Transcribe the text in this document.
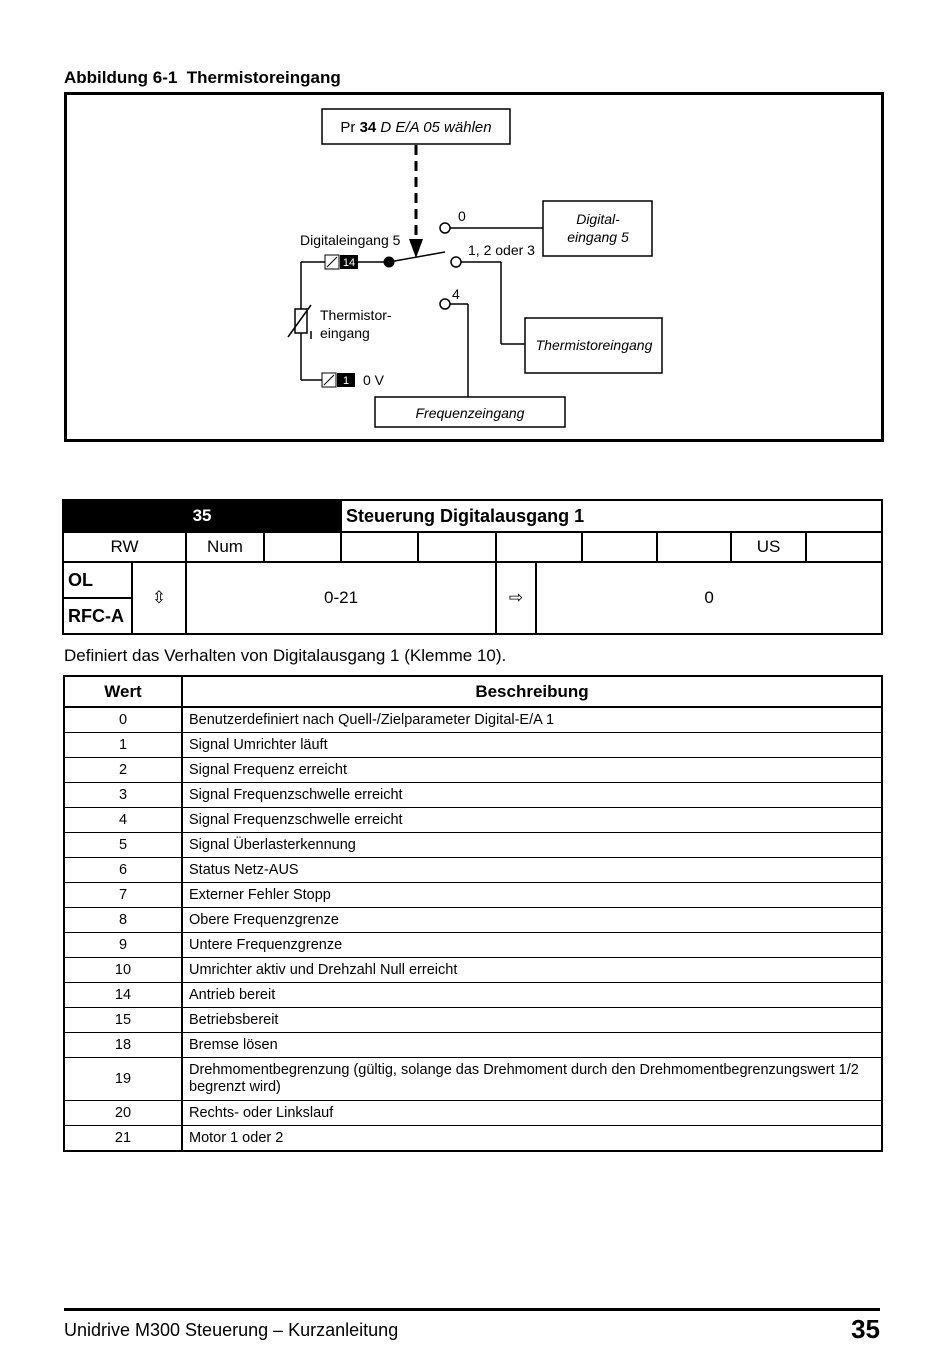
Abbildung 6-1  Thermistoreingang
Pr 34 D E/A 05 wählen
Digitaleingang 5
14
0
1, 2 oder 3
4
Digital-
eingang 5
Thermistoreingang
Frequenzeingang
Thermistor-
eingang
1 0 V
35				Steuerung Digitalausgang 1							
RW		Num								US	
OL	⇳	0-21				⇨	0				
RFC-A											
Definiert das Verhalten von Digitalausgang 1 (Klemme 10).
Wert	Beschreibung
0	Benutzerdefiniert nach Quell-/Zielparameter Digital-E/A 1
1	Signal Umrichter läuft
2	Signal Frequenz erreicht
3	Signal Frequenzschwelle erreicht
4	Signal Frequenzschwelle erreicht
5	Signal Überlasterkennung
6	Status Netz-AUS
7	Externer Fehler Stopp
8	Obere Frequenzgrenze
9	Untere Frequenzgrenze
10	Umrichter aktiv und Drehzahl Null erreicht
14	Antrieb bereit
15	Betriebsbereit
18	Bremse lösen
19	Drehmomentbegrenzung (gültig, solange das Drehmoment durch den Drehmomentbegrenzungswert 1/2 begrenzt wird)
20	Rechts- oder Linkslauf
21	Motor 1 oder 2
Unidrive M300 Steuerung – Kurzanleitung	35
